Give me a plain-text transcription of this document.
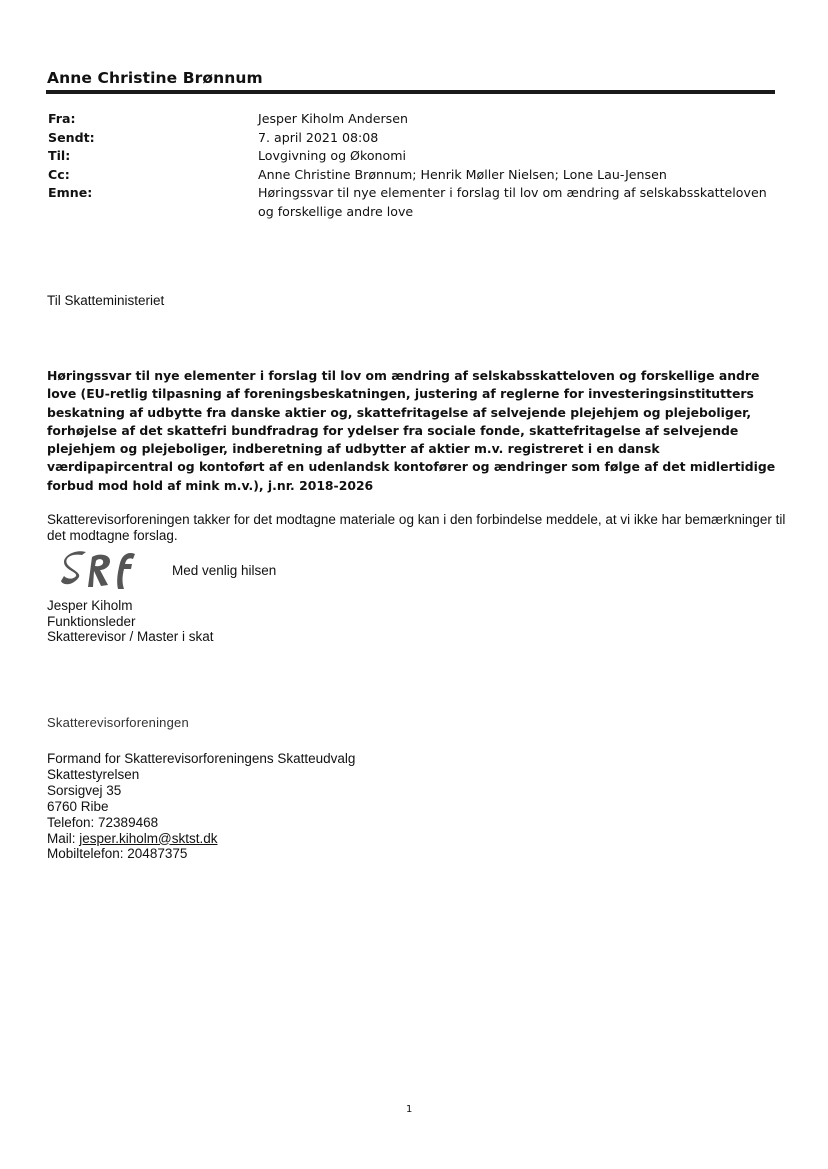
Anne Christine Brønnum
Fra:	Jesper Kiholm Andersen
Sendt:	7. april 2021 08:08
Til:	Lovgivning og Økonomi
Cc:	Anne Christine Brønnum; Henrik Møller Nielsen; Lone Lau-Jensen
Emne:	Høringssvar til nye elementer i forslag til lov om ændring af selskabsskatteloven og forskellige andre love
Til Skatteministeriet
Høringssvar til nye elementer i forslag til lov om ændring af selskabsskatteloven og forskellige andre love (EU-retlig tilpasning af foreningsbeskatningen, justering af reglerne for investeringsinstitutters beskatning af udbytte fra danske aktier og, skattefritagelse af selvejende plejehjem og plejeboliger, forhøjelse af det skattefri bundfradrag for ydelser fra sociale fonde, skattefritagelse af selvejende plejehjem og plejeboliger, indberetning af udbytter af aktier m.v. registreret i en dansk værdipapircentral og kontoført af en udenlandsk kontofører og ændringer som følge af det midlertidige forbud mod hold af mink m.v.), j.nr. 2018-2026
Skatterevisorforeningen takker for det modtagne materiale og kan i den forbindelse meddele, at vi ikke har bemærkninger til det modtagne forslag.
Med venlig hilsen
Jesper Kiholm
Funktionsleder
Skatterevisor / Master i skat
Skatterevisorforeningen
Formand for Skatterevisorforeningens Skatteudvalg
Skattestyrelsen
Sorsigvej 35
6760 Ribe
Telefon: 72389468
Mail: jesper.kiholm@sktst.dk
Mobiltelefon: 20487375
1
